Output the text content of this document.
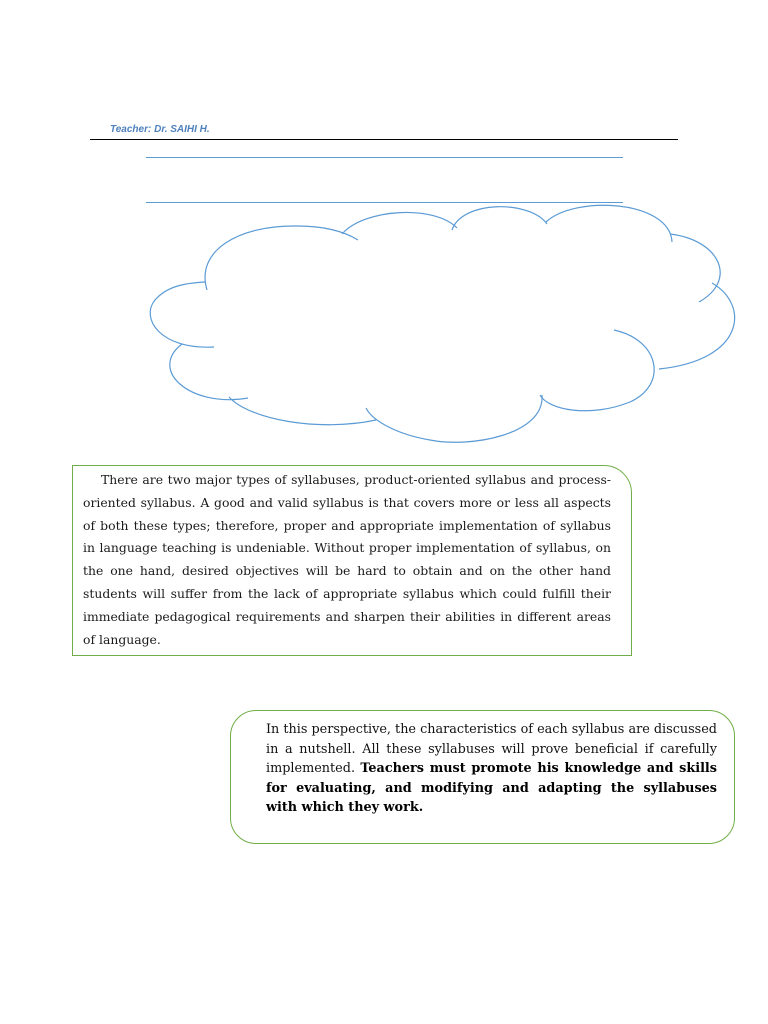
Teacher: Dr. SAIHI H.

There are two major types of syllabuses, product-oriented syllabus and process-oriented syllabus. A good and valid syllabus is that covers more or less all aspects of both these types; therefore, proper and appropriate implementation of syllabus in language teaching is undeniable. Without proper implementation of syllabus, on the one hand, desired objectives will be hard to obtain and on the other hand students will suffer from the lack of appropriate syllabus which could fulfill their immediate pedagogical requirements and sharpen their abilities in different areas of language.

In this perspective, the characteristics of each syllabus are discussed in a nutshell. All these syllabuses will prove beneficial if carefully implemented. Teachers must promote his knowledge and skills for evaluating, and modifying and adapting the syllabuses with which they work.
